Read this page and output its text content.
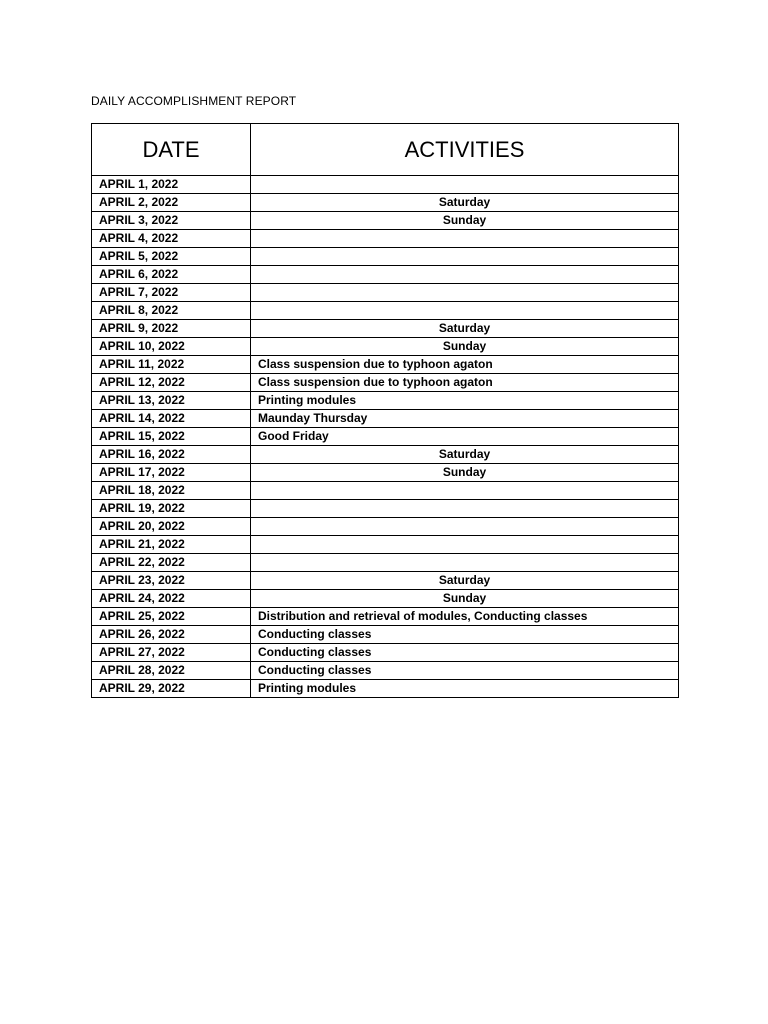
DAILY ACCOMPLISHMENT REPORT
DATE	ACTIVITIES
APRIL 1, 2022	
APRIL 2, 2022	Saturday
APRIL 3, 2022	Sunday
APRIL 4, 2022	
APRIL 5, 2022	
APRIL 6, 2022	
APRIL 7, 2022	
APRIL 8, 2022	
APRIL 9, 2022	Saturday
APRIL 10, 2022	Sunday
APRIL 11, 2022	Class suspension due to typhoon agaton
APRIL 12, 2022	Class suspension due to typhoon agaton
APRIL 13, 2022	Printing modules
APRIL 14, 2022	Maunday Thursday
APRIL 15, 2022	Good Friday
APRIL 16, 2022	Saturday
APRIL 17, 2022	Sunday
APRIL 18, 2022	
APRIL 19, 2022	
APRIL 20, 2022	
APRIL 21, 2022	
APRIL 22, 2022	
APRIL 23, 2022	Saturday
APRIL 24, 2022	Sunday
APRIL 25, 2022	Distribution and retrieval of modules, Conducting classes
APRIL 26, 2022	Conducting classes
APRIL 27, 2022	Conducting classes
APRIL 28, 2022	Conducting classes
APRIL 29, 2022	Printing modules
